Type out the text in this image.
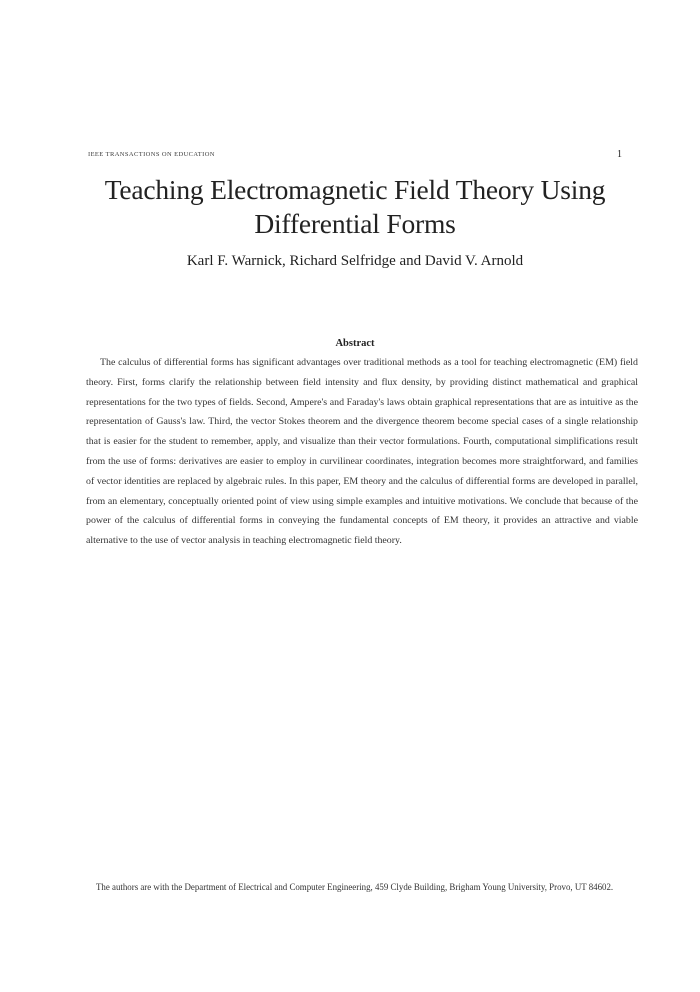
IEEE TRANSACTIONS ON EDUCATION	1
Teaching Electromagnetic Field Theory Using Differential Forms
Karl F. Warnick, Richard Selfridge and David V. Arnold
Abstract

The calculus of differential forms has significant advantages over traditional methods as a tool for teaching electromagnetic (EM) field theory. First, forms clarify the relationship between field intensity and flux density, by providing distinct mathematical and graphical representations for the two types of fields. Second, Ampere's and Faraday's laws obtain graphical representations that are as intuitive as the representation of Gauss's law. Third, the vector Stokes theorem and the divergence theorem become special cases of a single relationship that is easier for the student to remember, apply, and visualize than their vector formulations. Fourth, computational simplifications result from the use of forms: derivatives are easier to employ in curvilinear coordinates, integration becomes more straightforward, and families of vector identities are replaced by algebraic rules. In this paper, EM theory and the calculus of differential forms are developed in parallel, from an elementary, conceptually oriented point of view using simple examples and intuitive motivations. We conclude that because of the power of the calculus of differential forms in conveying the fundamental concepts of EM theory, it provides an attractive and viable alternative to the use of vector analysis in teaching electromagnetic field theory.

The authors are with the Department of Electrical and Computer Engineering, 459 Clyde Building, Brigham Young University, Provo, UT 84602.
